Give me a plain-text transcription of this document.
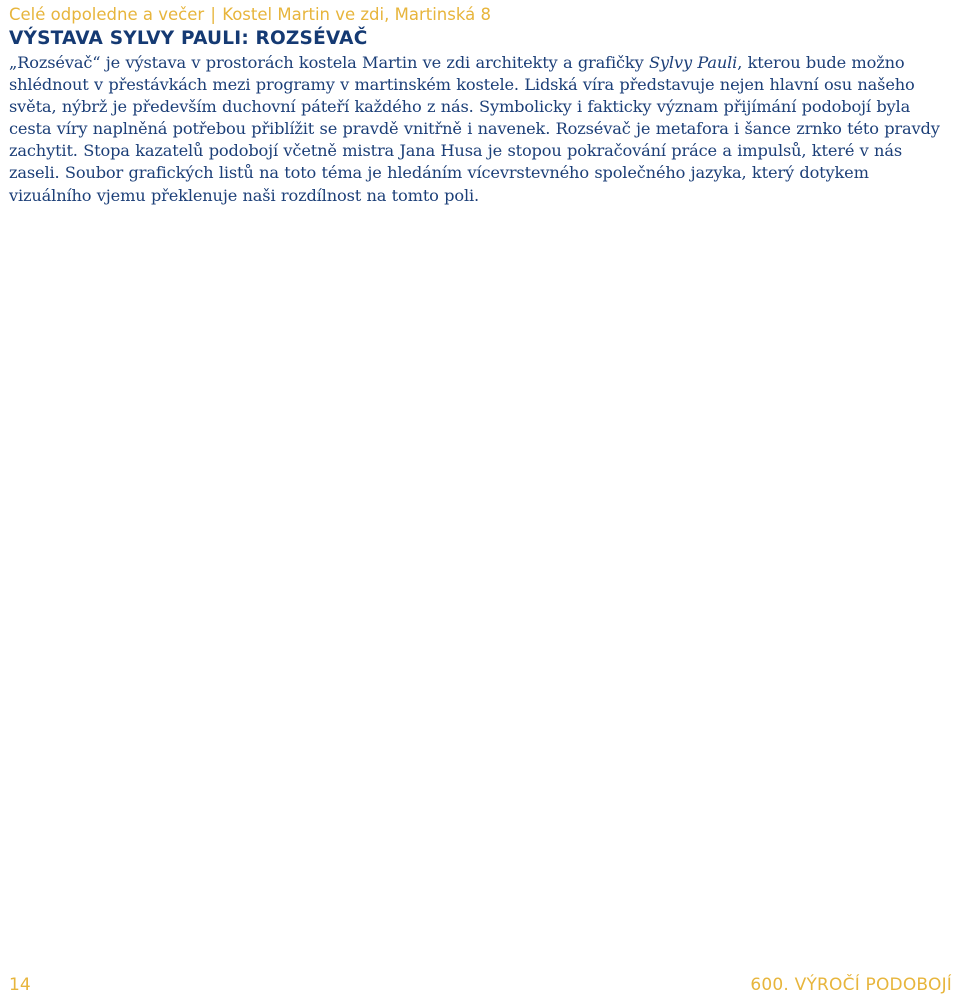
Celé odpoledne a večer | Kostel Martin ve zdi, Martinská 8
VÝSTAVA SYLVY PAULI: ROZSÉVAČ

„Rozsévač“ je výstava v prostorách kostela Martin ve zdi architekty a grafičky Sylvy Pauli, kterou bude možno shlédnout v přestávkách mezi programy v martinském kostele. Lidská víra představuje nejen hlavní osu našeho světa, nýbrž je především duchovní páteří každého z nás. Symbolicky i fakticky význam přijímání podobojí byla cesta víry naplněná potřebou přiblížit se pravdě vnitřně i navenek. Rozsévač je metafora i šance zrnko této pravdy zachytit. Stopa kazatelů podobojí včetně mistra Jana Husa je stopou pokračování práce a impulsů, které v nás zaseli. Soubor grafických listů na toto téma je hledáním vícevrstevného společného jazyka, který dotykem vizuálního vjemu překlenuje naši rozdílnost na tomto poli.

14	600. VÝROČÍ PODOBOJÍ
